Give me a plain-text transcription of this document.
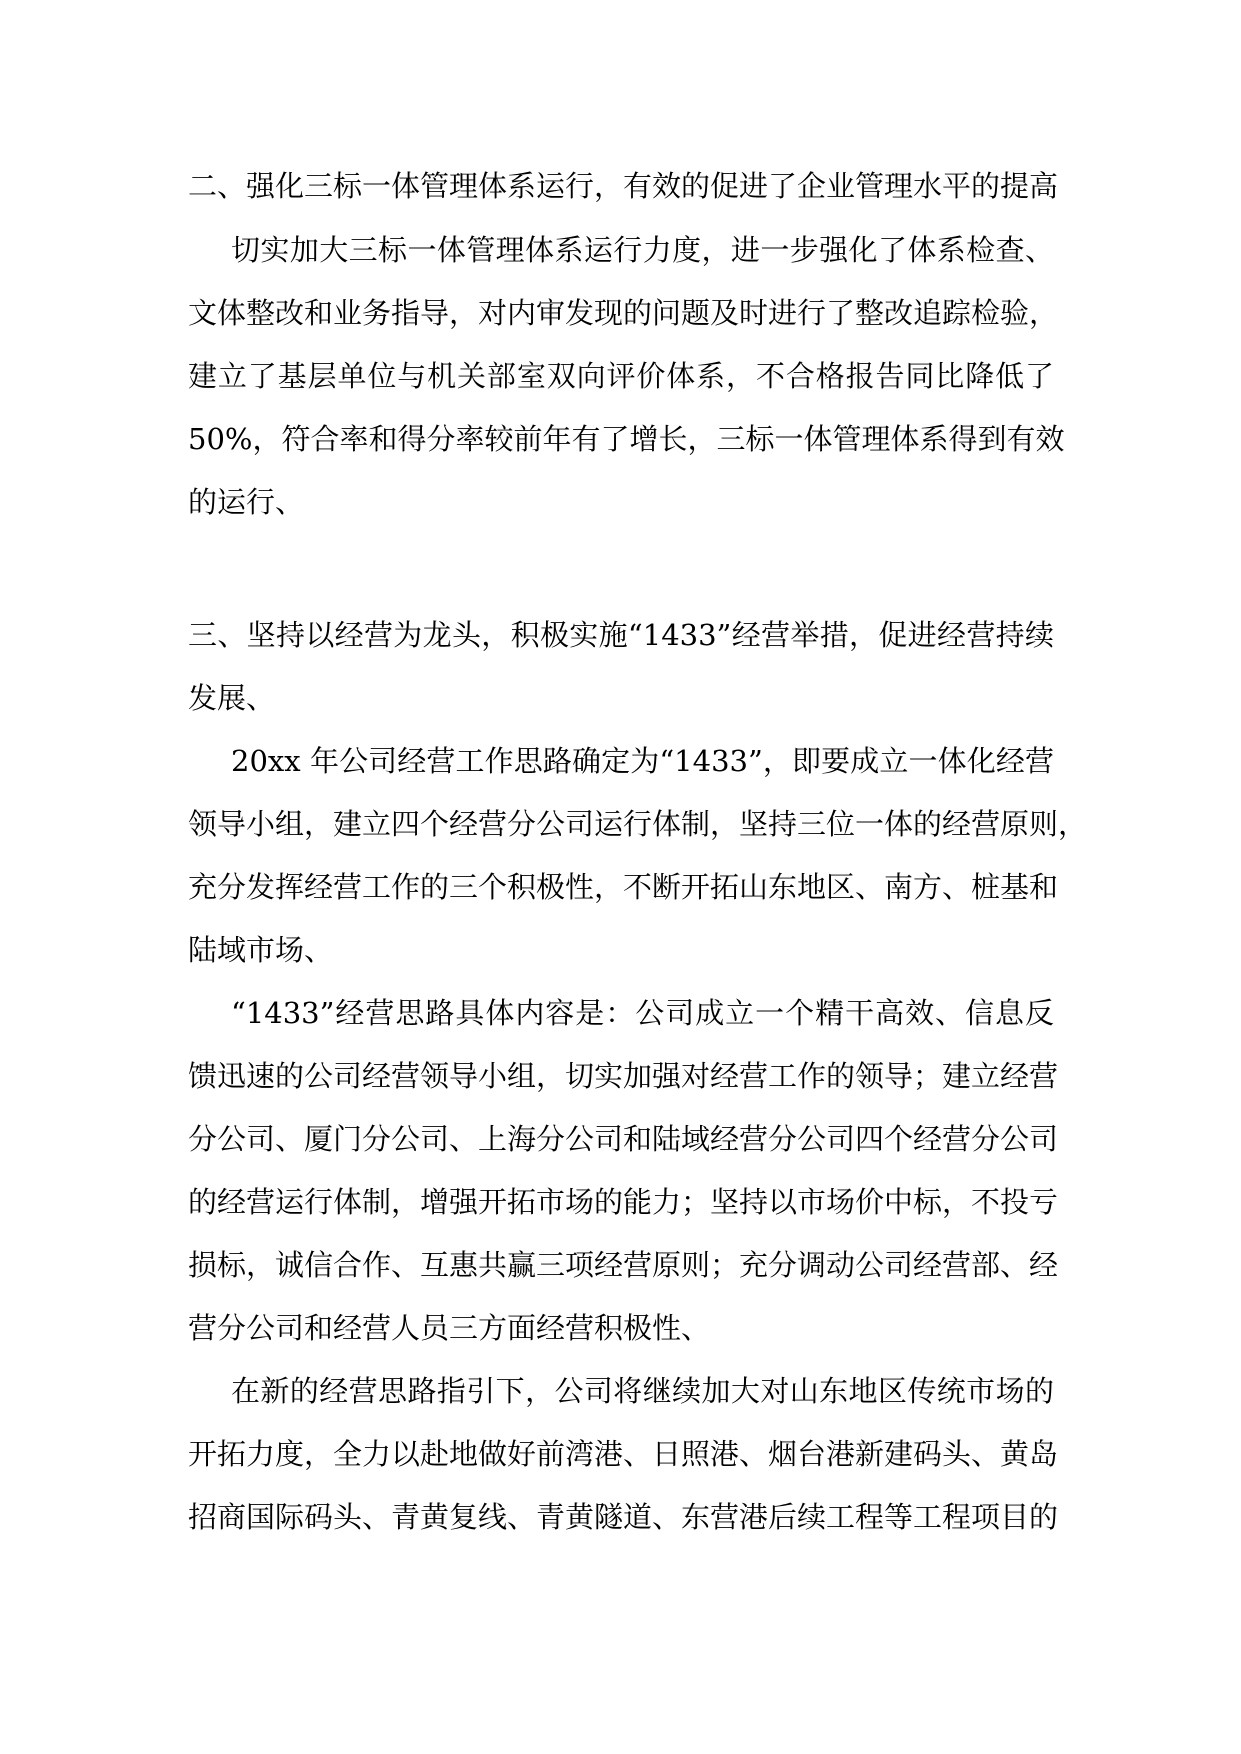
二、强化三标一体管理体系运行，有效的促进了企业管理水平的提高
切实加大三标一体管理体系运行力度，进一步强化了体系检查、
文体整改和业务指导，对内审发现的问题及时进行了整改追踪检验，
建立了基层单位与机关部室双向评价体系，不合格报告同比降低了
50%，符合率和得分率较前年有了增长，三标一体管理体系得到有效
的运行、
三、坚持以经营为龙头，积极实施“1433”经营举措，促进经营持续
发展、
20xx 年公司经营工作思路确定为“1433”，即要成立一体化经营
领导小组，建立四个经营分公司运行体制，坚持三位一体的经营原则，
充分发挥经营工作的三个积极性，不断开拓山东地区、南方、桩基和
陆域市场、
“1433”经营思路具体内容是：公司成立一个精干高效、信息反
馈迅速的公司经营领导小组，切实加强对经营工作的领导；建立经营
分公司、厦门分公司、上海分公司和陆域经营分公司四个经营分公司
的经营运行体制，增强开拓市场的能力；坚持以市场价中标，不投亏
损标，诚信合作、互惠共赢三项经营原则；充分调动公司经营部、经
营分公司和经营人员三方面经营积极性、
在新的经营思路指引下，公司将继续加大对山东地区传统市场的
开拓力度，全力以赴地做好前湾港、日照港、烟台港新建码头、黄岛
招商国际码头、青黄复线、青黄隧道、东营港后续工程等工程项目的
